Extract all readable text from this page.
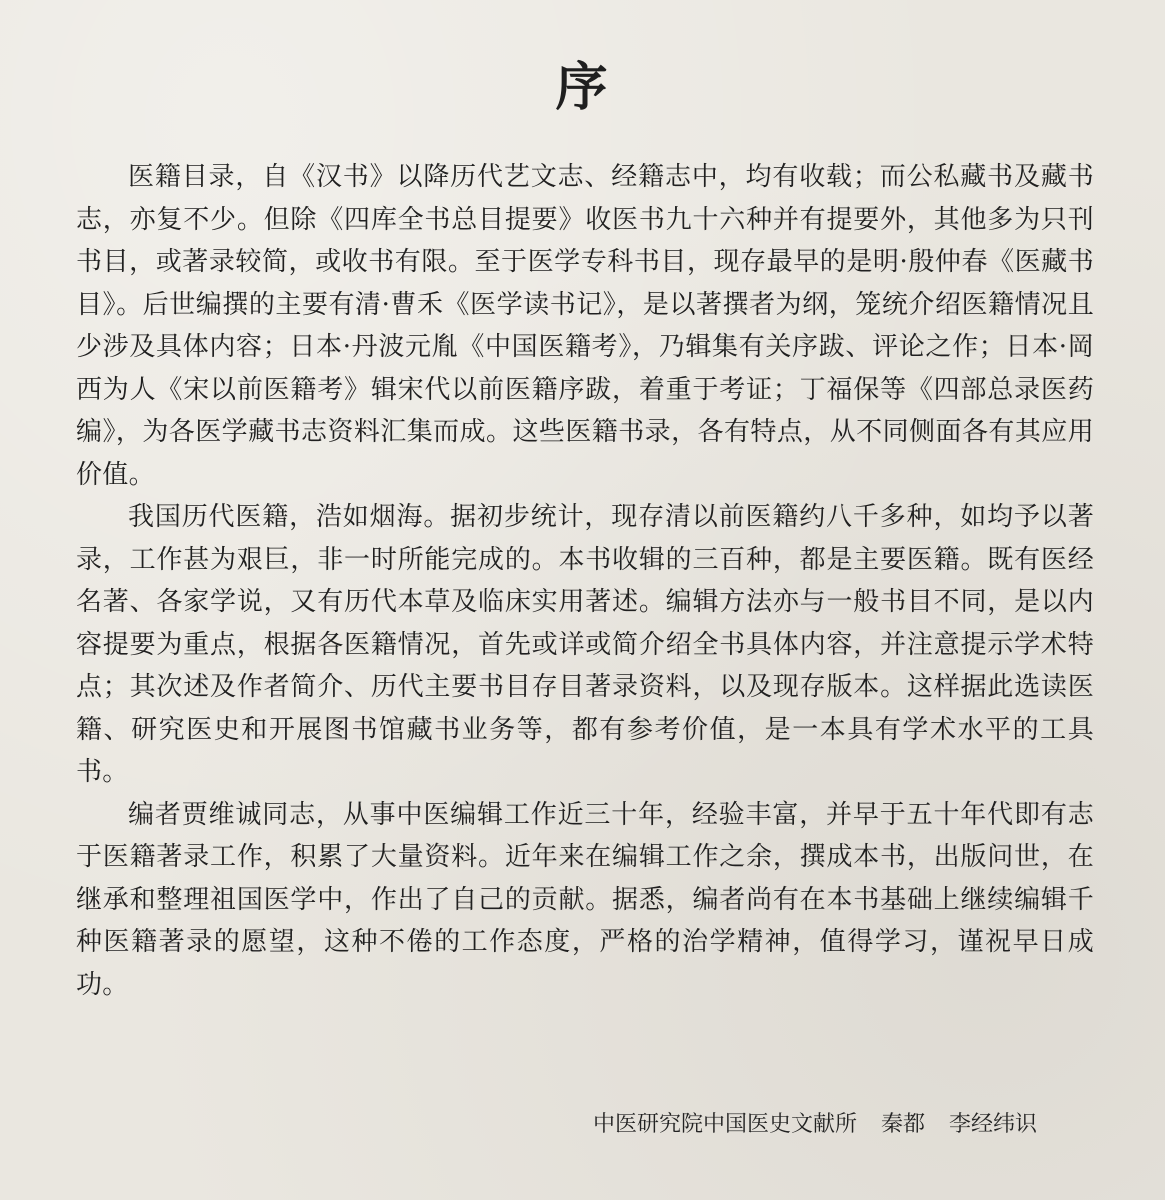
序

医籍目录，自《汉书》以降历代艺文志、经籍志中，均有收载；而公私藏书及藏书志，亦复不少。但除《四库全书总目提要》收医书九十六种并有提要外，其他多为只刊书目，或著录较简，或收书有限。至于医学专科书目，现存最早的是明·殷仲春《医藏书目》。后世编撰的主要有清·曹禾《医学读书记》，是以著撰者为纲，笼统介绍医籍情况且少涉及具体内容；日本·丹波元胤《中国医籍考》，乃辑集有关序跋、评论之作；日本·岡西为人《宋以前医籍考》辑宋代以前医籍序跋，着重于考证；丁福保等《四部总录医药编》，为各医学藏书志资料汇集而成。这些医籍书录，各有特点，从不同侧面各有其应用价值。

我国历代医籍，浩如烟海。据初步统计，现存清以前医籍约八千多种，如均予以著录，工作甚为艰巨，非一时所能完成的。本书收辑的三百种，都是主要医籍。既有医经名著、各家学说，又有历代本草及临床实用著述。编辑方法亦与一般书目不同，是以内容提要为重点，根据各医籍情况，首先或详或简介绍全书具体内容，并注意提示学术特点；其次述及作者简介、历代主要书目存目著录资料，以及现存版本。这样据此选读医籍、研究医史和开展图书馆藏书业务等，都有参考价值，是一本具有学术水平的工具书。

编者贾维诚同志，从事中医编辑工作近三十年，经验丰富，并早于五十年代即有志于医籍著录工作，积累了大量资料。近年来在编辑工作之余，撰成本书，出版问世，在继承和整理祖国医学中，作出了自己的贡献。据悉，编者尚有在本书基础上继续编辑千种医籍著录的愿望，这种不倦的工作态度，严格的治学精神，值得学习，谨祝早日成功。

中医研究院中国医史文献所 秦都 李经纬识
